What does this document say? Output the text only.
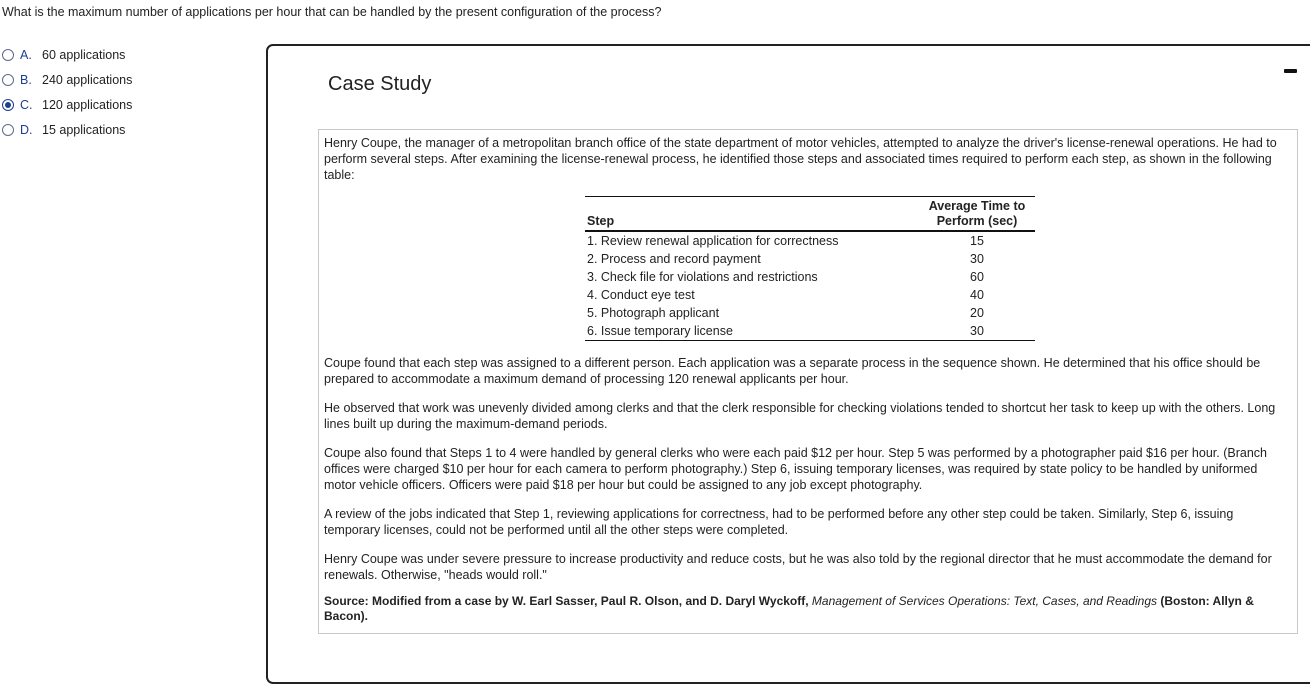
What is the maximum number of applications per hour that can be handled by the present configuration of the process?
A. 60 applications
B. 240 applications
C. 120 applications
D. 15 applications
Case Study

Henry Coupe, the manager of a metropolitan branch office of the state department of motor vehicles, attempted to analyze the driver's license-renewal operations. He had to perform several steps. After examining the license-renewal process, he identified those steps and associated times required to perform each step, as shown in the following table:

Step	Average Time to
Perform (sec)
1. Review renewal application for correctness	15
2. Process and record payment	30
3. Check file for violations and restrictions	60
4. Conduct eye test	40
5. Photograph applicant	20
6. Issue temporary license	30

Coupe found that each step was assigned to a different person. Each application was a separate process in the sequence shown. He determined that his office should be prepared to accommodate a maximum demand of processing 120 renewal applicants per hour.

He observed that work was unevenly divided among clerks and that the clerk responsible for checking violations tended to shortcut her task to keep up with the others. Long lines built up during the maximum-demand periods.

Coupe also found that Steps 1 to 4 were handled by general clerks who were each paid $12 per hour. Step 5 was performed by a photographer paid $16 per hour. (Branch offices were charged $10 per hour for each camera to perform photography.) Step 6, issuing temporary licenses, was required by state policy to be handled by uniformed motor vehicle officers. Officers were paid $18 per hour but could be assigned to any job except photography.

A review of the jobs indicated that Step 1, reviewing applications for correctness, had to be performed before any other step could be taken. Similarly, Step 6, issuing temporary licenses, could not be performed until all the other steps were completed.

Henry Coupe was under severe pressure to increase productivity and reduce costs, but he was also told by the regional director that he must accommodate the demand for renewals. Otherwise, "heads would roll."

Source: Modified from a case by W. Earl Sasser, Paul R. Olson, and D. Daryl Wyckoff, Management of Services Operations: Text, Cases, and Readings (Boston: Allyn & Bacon).
